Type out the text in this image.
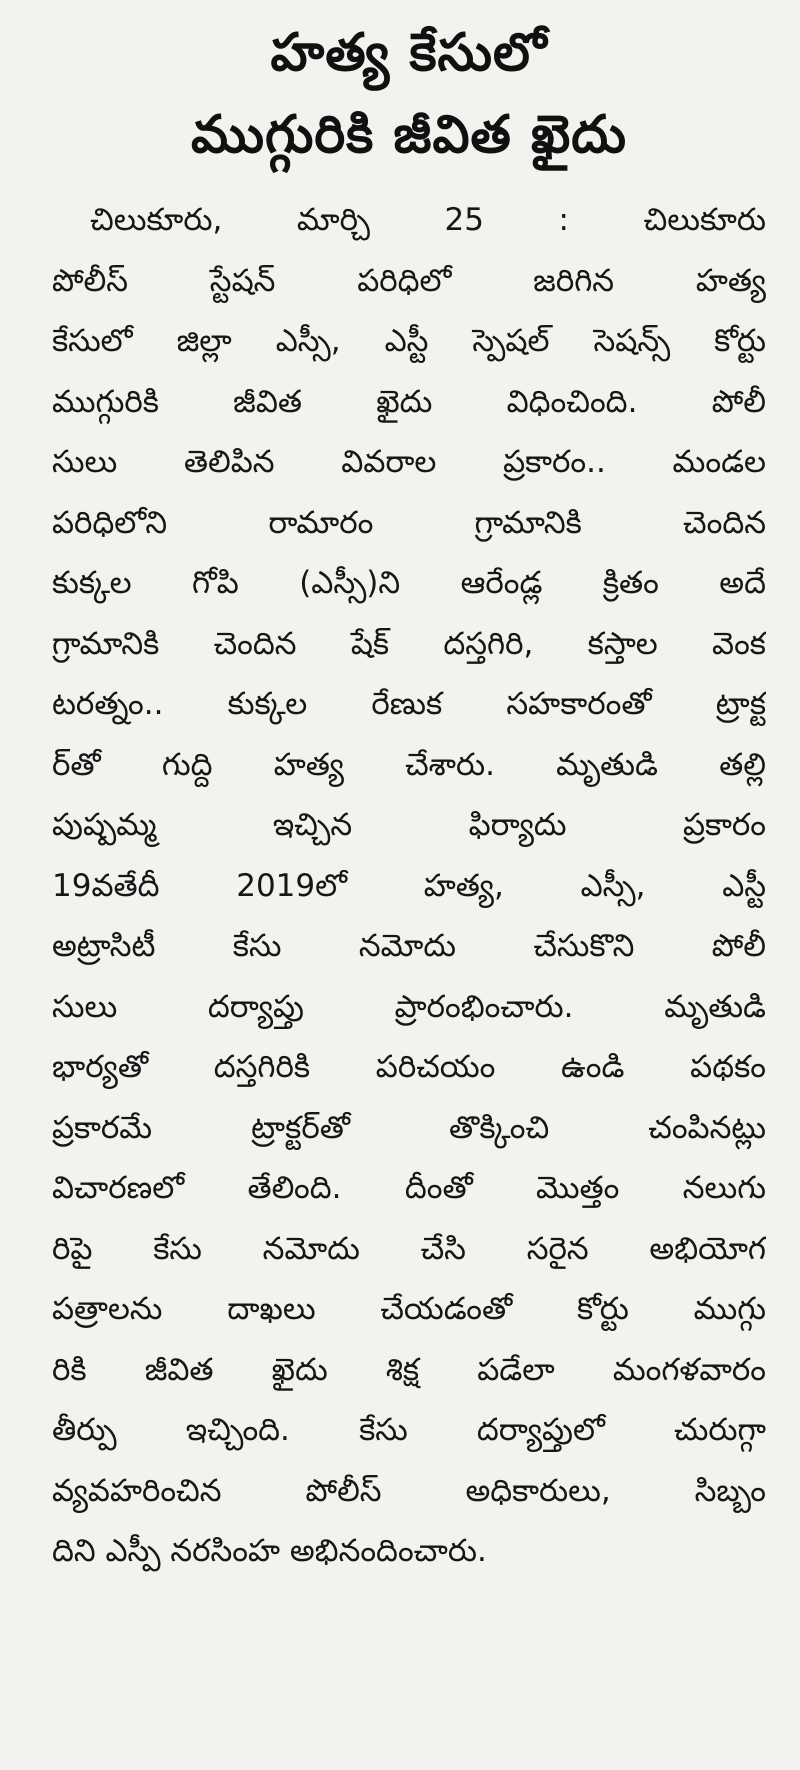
హత్య కేసులో
ముగ్గురికి జీవిత ఖైదు

చిలుకూరు, మార్చి 25 : చిలుకూరు

పోలీస్ స్టేషన్ పరిధిలో జరిగిన హత్య

కేసులో జిల్లా ఎస్సీ, ఎస్టీ స్పెషల్ సెషన్స్ కోర్టు

ముగ్గురికి జీవిత ఖైదు విధించింది. పోలీ

సులు తెలిపిన వివరాల ప్రకారం.. మండల

పరిధిలోని రామారం గ్రామానికి చెందిన

కుక్కల గోపి (ఎస్సీ)ని ఆరేండ్ల క్రితం అదే

గ్రామానికి చెందిన షేక్ దస్తగిరి, కస్తాల వెంక

టరత్నం.. కుక్కల రేణుక సహకారంతో ట్రాక్ట

ర్‌తో గుద్ది హత్య చేశారు. మృతుడి తల్లి

పుష్పమ్మ ఇచ్చిన ఫిర్యాదు ప్రకారం

19వతేదీ 2019లో హత్య, ఎస్సీ, ఎస్టీ

అట్రాసిటీ కేసు నమోదు చేసుకొని పోలీ

సులు దర్యాప్తు ప్రారంభించారు. మృతుడి

భార్యతో దస్తగిరికి పరిచయం ఉండి పథకం

ప్రకారమే ట్రాక్టర్‌తో తొక్కించి చంపినట్లు

విచారణలో తేలింది. దీంతో మొత్తం నలుగు

రిపై కేసు నమోదు చేసి సరైన అభియోగ

పత్రాలను దాఖలు చేయడంతో కోర్టు ముగ్గు

రికి జీవిత ఖైదు శిక్ష పడేలా మంగళవారం

తీర్పు ఇచ్చింది. కేసు దర్యాప్తులో చురుగ్గా

వ్యవహరించిన పోలీస్ అధికారులు, సిబ్బం

దిని ఎస్పీ నరసింహ అభినందించారు.
